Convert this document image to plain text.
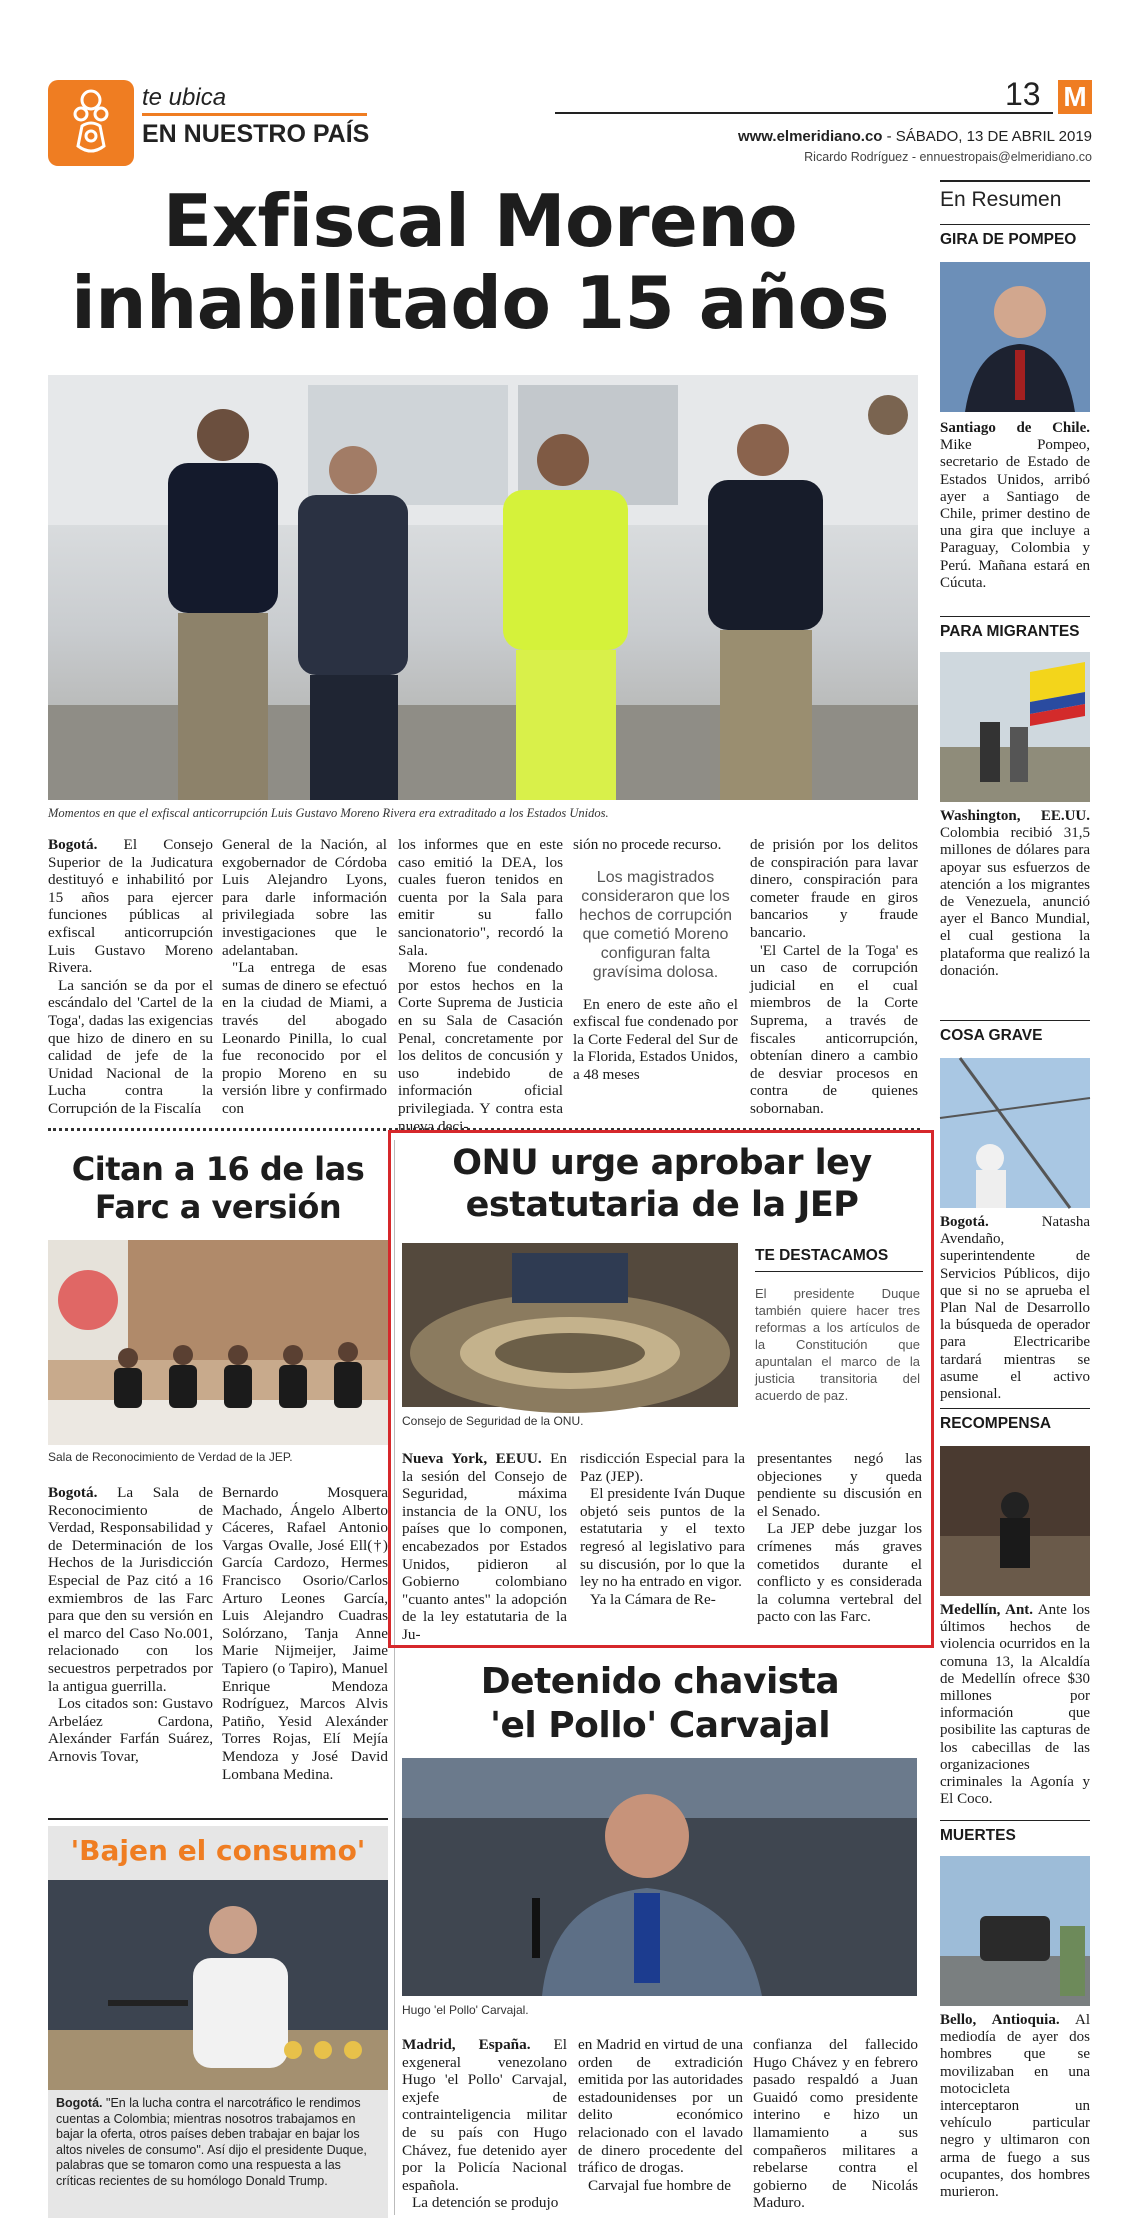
te ubica
EN NUESTRO PAÍS
13 M
www.elmeridiano.co - SÁBADO, 13 DE ABRIL 2019
Ricardo Rodríguez - ennuestropais@elmeridiano.co
Exfiscal Moreno
inhabilitado 15 años
Momentos en que el exfiscal anticorrupción Luis Gustavo Moreno Rivera era extraditado a los Estados Unidos.

Bogotá. El Consejo Superior de la Judicatura destituyó e inhabilitó por 15 años para ejercer funciones públicas al exfiscal anticorrupción Luis Gustavo Moreno Rivera.

La sanción se da por el escándalo del 'Cartel de la Toga', dadas las exigencias que hizo de dinero en su calidad de jefe de la Unidad Nacional de la Lucha contra la Corrupción de la Fiscalía

General de la Nación, al exgobernador de Córdoba Luis Alejandro Lyons, para darle información privilegiada sobre las investigaciones que le adelantaban.

"La entrega de esas sumas de dinero se efectuó en la ciudad de Miami, a través del abogado Leonardo Pinilla, lo cual fue reconocido por el propio Moreno en su versión libre y confirmado con

los informes que en este caso emitió la DEA, los cuales fueron tenidos en cuenta por la Sala para emitir su fallo sancionatorio", recordó la Sala.

Moreno fue condenado por estos hechos en la Corte Suprema de Justicia en su Sala de Casación Penal, concretamente por los delitos de concusión y uso indebido de información oficial privilegiada. Y contra esta nueva deci-

sión no procede recurso.

Los magistrados consideraron que los hechos de corrupción que cometió Moreno configuran falta gravísima dolosa.

En enero de este año el exfiscal fue condenado por la Corte Federal del Sur de la Florida, Estados Unidos, a 48 meses

de prisión por los delitos de conspiración para lavar dinero, conspiración para cometer fraude en giros bancarios y fraude bancario.

'El Cartel de la Toga' es un caso de corrupción judicial en el cual miembros de la Corte Suprema, a través de fiscales anticorrupción, obtenían dinero a cambio de desviar procesos en contra de quienes sobornaban.

Citan a 16 de las
Farc a versión
Sala de Reconocimiento de Verdad de la JEP.

Bogotá. La Sala de Reconocimiento de Verdad, Responsabilidad y de Determinación de los Hechos de la Jurisdicción Especial de Paz citó a 16 exmiembros de las Farc para que den su versión en el marco del Caso No.001, relacionado con los secuestros perpetrados por la antigua guerrilla.

Los citados son: Gustavo Arbeláez Cardona, Alexánder Farfán Suárez, Arnovis Tovar,

Bernardo Mosquera Machado, Ángelo Alberto Cáceres, Rafael Antonio Vargas Ovalle, José Ell(†) García Cardozo, Hermes Francisco Osorio/Carlos Arturo Leones García, Luis Alejandro Cuadras Solórzano, Tanja Anne Marie Nijmeijer, Jaime Tapiero (o Tapiro), Manuel Enrique Mendoza Rodríguez, Marcos Alvis Patiño, Yesid Alexánder Torres Rojas, Elí Mejía Mendoza y José David Lombana Medina.

'Bajen el consumo'
Bogotá. "En la lucha contra el narcotráfico le rendimos cuentas a Colombia; mientras nosotros trabajamos en bajar la oferta, otros países deben trabajar en bajar los altos niveles de consumo". Así dijo el presidente Duque, palabras que se tomaron como una respuesta a las críticas recientes de su homólogo Donald Trump.
ONU urge aprobar ley
estatutaria de la JEP
Consejo de Seguridad de la ONU.
TE DESTACAMOS
El presidente Duque también quiere hacer tres reformas a los artículos de la Constitución que apuntalan el marco de la justicia transitoria del acuerdo de paz.

Nueva York, EEUU. En la sesión del Consejo de Seguridad, máxima instancia de la ONU, los países que lo componen, encabezados por Estados Unidos, pidieron al Gobierno colombiano "cuanto antes" la adopción de la ley estatutaria de la Ju-

risdicción Especial para la Paz (JEP).

El presidente Iván Duque objetó seis puntos de la estatutaria y el texto regresó al legislativo para su discusión, por lo que la ley no ha entrado en vigor.

Ya la Cámara de Re-

presentantes negó las objeciones y queda pendiente su discusión en el Senado.

La JEP debe juzgar los crímenes más graves cometidos durante el conflicto y es considerada la columna vertebral del pacto con las Farc.

Detenido chavista
'el Pollo' Carvajal
Hugo 'el Pollo' Carvajal.

Madrid, España. El exgeneral venezolano Hugo 'el Pollo' Carvajal, exjefe de contrainteligencia militar de su país con Hugo Chávez, fue detenido ayer por la Policía Nacional española.

La detención se produjo

en Madrid en virtud de una orden de extradición emitida por las autoridades estadounidenses por un delito económico relacionado con el lavado de dinero procedente del tráfico de drogas.

Carvajal fue hombre de

confianza del fallecido Hugo Chávez y en febrero pasado respaldó a Juan Guaidó como presidente interino e hizo un llamamiento a sus compañeros militares a rebelarse contra el gobierno de Nicolás Maduro.

En Resumen
GIRA DE POMPEO
Santiago de Chile. Mike Pompeo, secretario de Estado de Estados Unidos, arribó ayer a Santiago de Chile, primer destino de una gira que incluye a Paraguay, Colombia y Perú. Mañana estará en Cúcuta.
PARA MIGRANTES
Washington, EE.UU. Colombia recibió 31,5 millones de dólares para apoyar sus esfuerzos de atención a los migrantes de Venezuela, anunció ayer el Banco Mundial, el cual gestiona la plataforma que realizó la donación.
COSA GRAVE
Bogotá. Natasha Avendaño, superintendente de Servicios Públicos, dijo que si no se aprueba el Plan Nal de Desarrollo la búsqueda de operador para Electricaribe tardará mientras se asume el activo pensional.
RECOMPENSA
Medellín, Ant. Ante los últimos hechos de violencia ocurridos en la comuna 13, la Alcaldía de Medellín ofrece $30 millones por información que posibilite las capturas de los cabecillas de las organizaciones criminales la Agonía y El Coco.
MUERTES
Bello, Antioquia. Al mediodía de ayer dos hombres que se movilizaban en una motocicleta interceptaron un vehículo particular negro y ultimaron con arma de fuego a sus ocupantes, dos hombres murieron.
